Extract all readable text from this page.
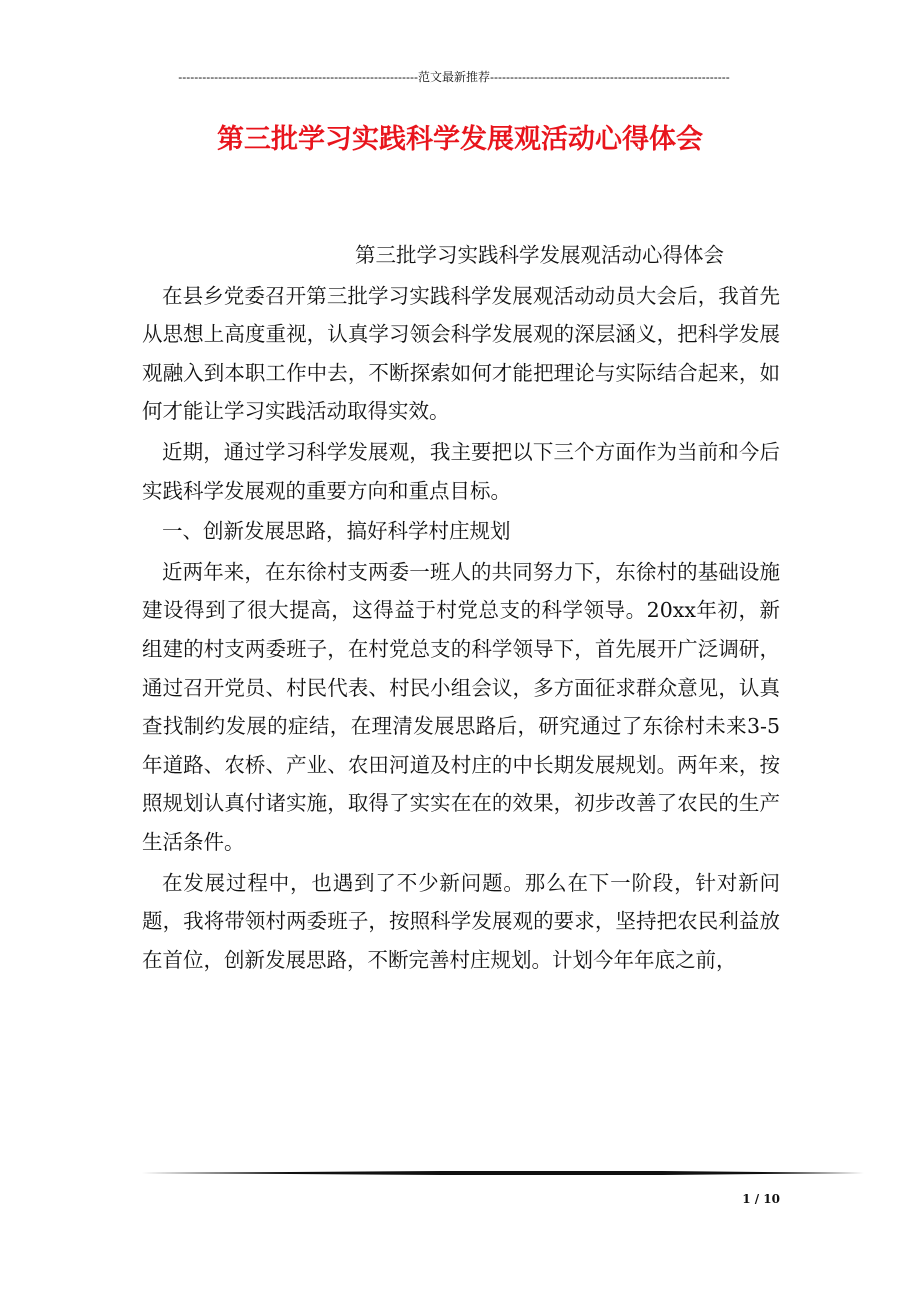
------------------------------------------------------------范文最新推荐------------------------------------------------------------
第三批学习实践科学发展观活动心得体会
第三批学习实践科学发展观活动心得体会

在县乡党委召开第三批学习实践科学发展观活动动员大会后，我首先从思想上高度重视，认真学习领会科学发展观的深层涵义，把科学发展观融入到本职工作中去，不断探索如何才能把理论与实际结合起来，如何才能让学习实践活动取得实效。

近期，通过学习科学发展观，我主要把以下三个方面作为当前和今后实践科学发展观的重要方向和重点目标。

一、创新发展思路，搞好科学村庄规划

近两年来，在东徐村支两委一班人的共同努力下，东徐村的基础设施建设得到了很大提高，这得益于村党总支的科学领导。20xx年初，新组建的村支两委班子，在村党总支的科学领导下，首先展开广泛调研，通过召开党员、村民代表、村民小组会议，多方面征求群众意见，认真查找制约发展的症结，在理清发展思路后，研究通过了东徐村未来3-5年道路、农桥、产业、农田河道及村庄的中长期发展规划。两年来，按照规划认真付诸实施，取得了实实在在的效果，初步改善了农民的生产生活条件。

在发展过程中，也遇到了不少新问题。那么在下一阶段，针对新问题，我将带领村两委班子，按照科学发展观的要求，坚持把农民利益放在首位，创新发展思路，不断完善村庄规划。计划今年年底之前，

1 / 10
